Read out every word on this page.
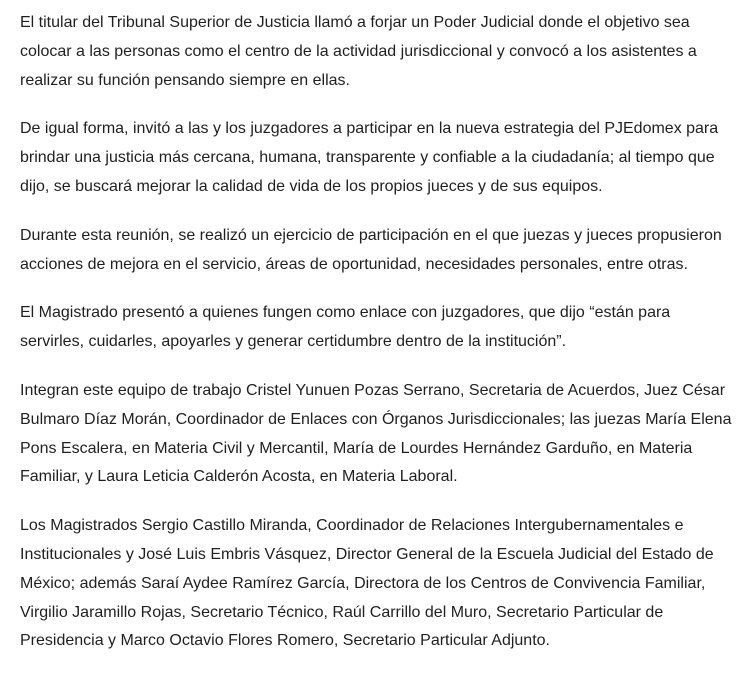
El titular del Tribunal Superior de Justicia llamó a forjar un Poder Judicial donde el objetivo sea
colocar a las personas como el centro de la actividad jurisdiccional y convocó a los asistentes a
realizar su función pensando siempre en ellas.

De igual forma, invitó a las y los juzgadores a participar en la nueva estrategia del PJEdomex para
brindar una justicia más cercana, humana, transparente y confiable a la ciudadanía; al tiempo que
dijo, se buscará mejorar la calidad de vida de los propios jueces y de sus equipos.

Durante esta reunión, se realizó un ejercicio de participación en el que juezas y jueces propusieron
acciones de mejora en el servicio, áreas de oportunidad, necesidades personales, entre otras.

El Magistrado presentó a quienes fungen como enlace con juzgadores, que dijo “están para
servirles, cuidarles, apoyarles y generar certidumbre dentro de la institución”.

Integran este equipo de trabajo Cristel Yunuen Pozas Serrano, Secretaria de Acuerdos, Juez César
Bulmaro Díaz Morán, Coordinador de Enlaces con Órganos Jurisdiccionales; las juezas María Elena
Pons Escalera, en Materia Civil y Mercantil, María de Lourdes Hernández Garduño, en Materia
Familiar, y Laura Leticia Calderón Acosta, en Materia Laboral.

Los Magistrados Sergio Castillo Miranda, Coordinador de Relaciones Intergubernamentales e
Institucionales y José Luis Embris Vásquez, Director General de la Escuela Judicial del Estado de
México; además Saraí Aydee Ramírez García, Directora de los Centros de Convivencia Familiar,
Virgilio Jaramillo Rojas, Secretario Técnico, Raúl Carrillo del Muro, Secretario Particular de
Presidencia y Marco Octavio Flores Romero, Secretario Particular Adjunto.
